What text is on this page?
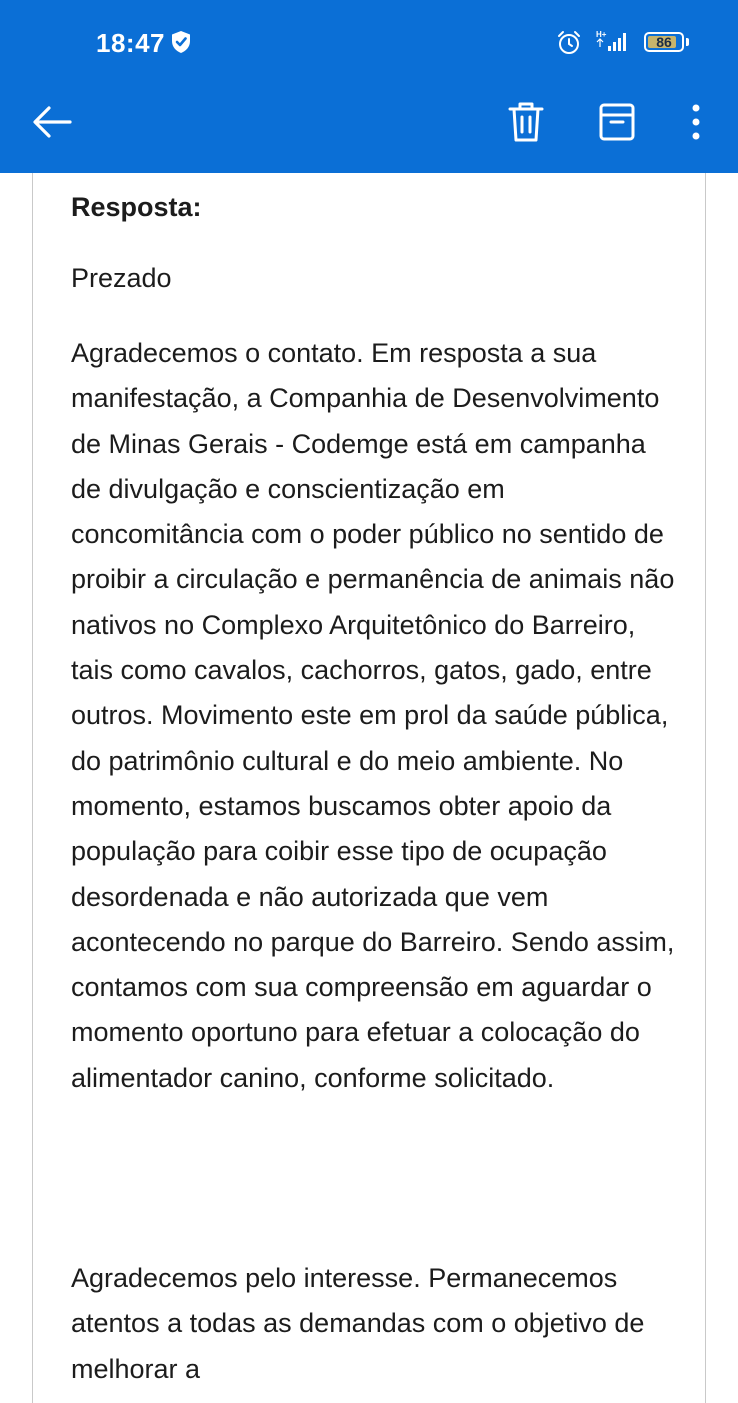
18:47	H+	86
Resposta:
Prezado
Agradecemos o contato. Em resposta a sua manifestação, a Companhia de Desenvolvimento de Minas Gerais - Codemge está em campanha de divulgação e conscientização em concomitância com o poder público no sentido de proibir a circulação e permanência de animais não nativos no Complexo Arquitetônico do Barreiro, tais como cavalos, cachorros, gatos, gado, entre outros. Movimento este em prol da saúde pública, do patrimônio cultural e do meio ambiente. No momento, estamos buscamos obter apoio da população para coibir esse tipo de ocupação desordenada e não autorizada que vem acontecendo no parque do Barreiro. Sendo assim, contamos com sua compreensão em aguardar o momento oportuno para efetuar a colocação do alimentador canino, conforme solicitado.
Agradecemos pelo interesse. Permanecemos atentos a todas as demandas com o objetivo de melhorar a
